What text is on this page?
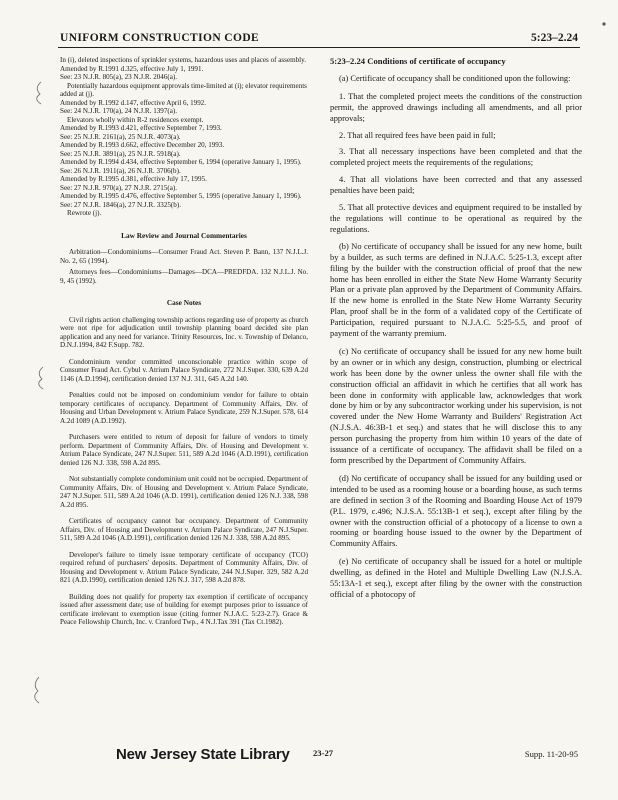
UNIFORM CONSTRUCTION CODE	5:23–2.24

In (i), deleted inspections of sprinkler systems, hazardous uses and places of assembly.

Amended by R.1991 d.325, effective July 1, 1991.

See: 23 N.J.R. 805(a), 23 N.J.R. 2046(a).

Potentially hazardous equipment approvals time-limited at (i); elevator requirements added at (j).

Amended by R.1992 d.147, effective April 6, 1992.

See: 24 N.J.R. 170(a), 24 N.J.R. 1397(a).

Elevators wholly within R-2 residences exempt.

Amended by R.1993 d.421, effective September 7, 1993.

See: 25 N.J.R. 2161(a), 25 N.J.R. 4073(a).

Amended by R.1993 d.662, effective December 20, 1993.

See: 25 N.J.R. 3891(a), 25 N.J.R. 5918(a).

Amended by R.1994 d.434, effective September 6, 1994 (operative January 1, 1995).

See: 26 N.J.R. 1911(a), 26 N.J.R. 3706(b).

Amended by R.1995 d.381, effective July 17, 1995.

See: 27 N.J.R. 970(a), 27 N.J.R. 2715(a).

Amended by R.1995 d.476, effective September 5, 1995 (operative January 1, 1996).

See: 27 N.J.R. 1846(a), 27 N.J.R. 3325(b).

Rewrote (j).

Law Review and Journal Commentaries

Arbitration—Condominiums—Consumer Fraud Act. Steven P. Bann, 137 N.J.L.J. No. 2, 65 (1994).

Attorneys fees—Condominiums—Damages—DCA—PREDFDA. 132 N.J.L.J. No. 9, 45 (1992).

Case Notes

Civil rights action challenging township actions regarding use of property as church were not ripe for adjudication until township planning board decided site plan application and any need for variance. Trinity Resources, Inc. v. Township of Delanco, D.N.J.1994, 842 F.Supp. 782.

Condominium vendor committed unconscionable practice within scope of Consumer Fraud Act. Cybul v. Atrium Palace Syndicate, 272 N.J.Super. 330, 639 A.2d 1146 (A.D.1994), certification denied 137 N.J. 311, 645 A.2d 140.

Penalties could not be imposed on condominium vendor for failure to obtain temporary certificates of occupancy. Department of Community Affairs, Div. of Housing and Urban Development v. Atrium Palace Syndicate, 259 N.J.Super. 578, 614 A.2d 1089 (A.D.1992).

Purchasers were entitled to return of deposit for failure of vendors to timely perform. Department of Community Affairs, Div. of Housing and Development v. Atrium Palace Syndicate, 247 N.J.Super. 511, 589 A.2d 1046 (A.D.1991), certification denied 126 N.J. 338, 598 A.2d 895.

Not substantially complete condominium unit could not be occupied. Department of Community Affairs, Div. of Housing and Development v. Atrium Palace Syndicate, 247 N.J.Super. 511, 589 A.2d 1046 (A.D. 1991), certification denied 126 N.J. 338, 598 A.2d 895.

Certificates of occupancy cannot bar occupancy. Department of Community Affairs, Div. of Housing and Development v. Atrium Palace Syndicate, 247 N.J.Super. 511, 589 A.2d 1046 (A.D.1991), certification denied 126 N.J. 338, 598 A.2d 895.

Developer's failure to timely issue temporary certificate of occupancy (TCO) required refund of purchasers' deposits. Department of Community Affairs, Div. of Housing and Development v. Atrium Palace Syndicate, 244 N.J.Super. 329, 582 A.2d 821 (A.D.1990), certification denied 126 N.J. 317, 598 A.2d 878.

Building does not qualify for property tax exemption if certificate of occupancy issued after assessment date; use of building for exempt purposes prior to issuance of certificate irrelevant to exemption issue (citing former N.J.A.C. 5:23-2.7). Grace & Peace Fellowship Church, Inc. v. Cranford Twp., 4 N.J.Tax 391 (Tax Ct.1982).

5:23–2.24 Conditions of certificate of occupancy

(a) Certificate of occupancy shall be conditioned upon the following:

1. That the completed project meets the conditions of the construction permit, the approved drawings including all amendments, and all prior approvals;

2. That all required fees have been paid in full;

3. That all necessary inspections have been completed and that the completed project meets the requirements of the regulations;

4. That all violations have been corrected and that any assessed penalties have been paid;

5. That all protective devices and equipment required to be installed by the regulations will continue to be operational as required by the regulations.

(b) No certificate of occupancy shall be issued for any new home, built by a builder, as such terms are defined in N.J.A.C. 5:25-1.3, except after filing by the builder with the construction official of proof that the new home has been enrolled in either the State New Home Warranty Security Plan or a private plan approved by the Department of Community Affairs. If the new home is enrolled in the State New Home Warranty Security Plan, proof shall be in the form of a validated copy of the Certificate of Participation, required pursuant to N.J.A.C. 5:25-5.5, and proof of payment of the warranty premium.

(c) No certificate of occupancy shall be issued for any new home built by an owner or in which any design, construction, plumbing or electrical work has been done by the owner unless the owner shall file with the construction official an affidavit in which he certifies that all work has been done in conformity with applicable law, acknowledges that work done by him or by any subcontractor working under his supervision, is not covered under the New Home Warranty and Builders' Registration Act (N.J.S.A. 46:3B-1 et seq.) and states that he will disclose this to any person purchasing the property from him within 10 years of the date of issuance of a certificate of occupancy. The affidavit shall be filed on a form prescribed by the Department of Community Affairs.

(d) No certificate of occupancy shall be issued for any building used or intended to be used as a rooming house or a boarding house, as such terms are defined in section 3 of the Rooming and Boarding House Act of 1979 (P.L. 1979, c.496; N.J.S.A. 55:13B-1 et seq.), except after filing by the owner with the construction official of a photocopy of a license to own a rooming or boarding house issued to the owner by the Department of Community Affairs.

(e) No certificate of occupancy shall be issued for a hotel or multiple dwelling, as defined in the Hotel and Multiple Dwelling Law (N.J.S.A. 55:13A-1 et seq.), except after filing by the owner with the construction official of a photocopy of

New Jersey State Library	23-27	Supp. 11-20-95
